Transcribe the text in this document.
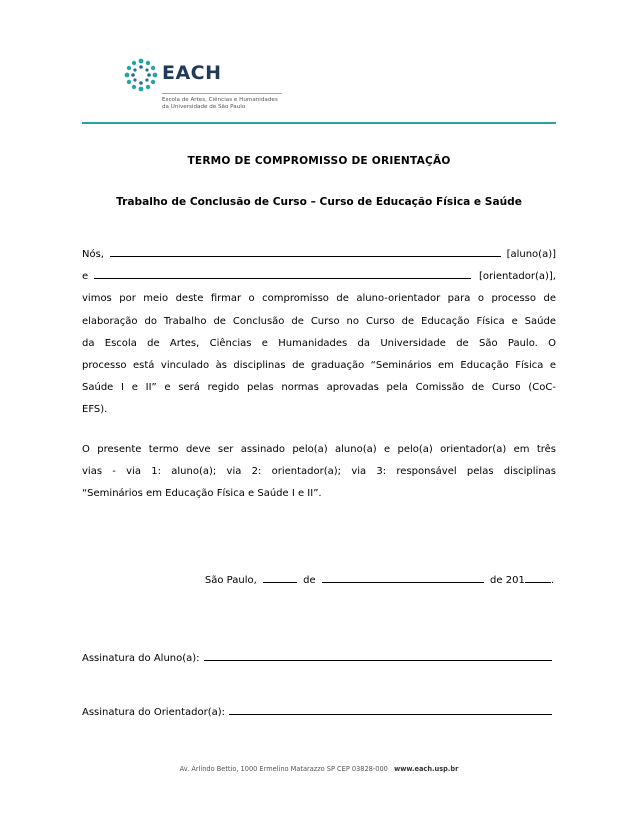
EACH
Escola de Artes, Ciências e Humanidades
da Universidade de São Paulo
TERMO DE COMPROMISSO DE ORIENTAÇÃO
Trabalho de Conclusão de Curso – Curso de Educação Física e Saúde
Nós,	[aluno(a)]
e	[orientador(a)],
vimos por meio deste firmar o compromisso de aluno-orientador para o processo de
elaboração do Trabalho de Conclusão de Curso no Curso de Educação Física e Saúde
da Escola de Artes, Ciências e Humanidades da Universidade de São Paulo. O
processo está vinculado às disciplinas de graduação “Seminários em Educação Física e
Saúde I e II” e será regido pelas normas aprovadas pela Comissão de Curso (CoC-
EFS).
O presente termo deve ser assinado pelo(a) aluno(a) e pelo(a) orientador(a) em três
vias - via 1: aluno(a); via 2: orientador(a); via 3: responsável pelas disciplinas
“Seminários em Educação Física e Saúde I e II”.
São Paulo,	de	de 201	.
Assinatura do Aluno(a):
Assinatura do Orientador(a):
Av. Arlindo Bettio, 1000 Ermelino Matarazzo SP CEP 03828-000 www.each.usp.br
